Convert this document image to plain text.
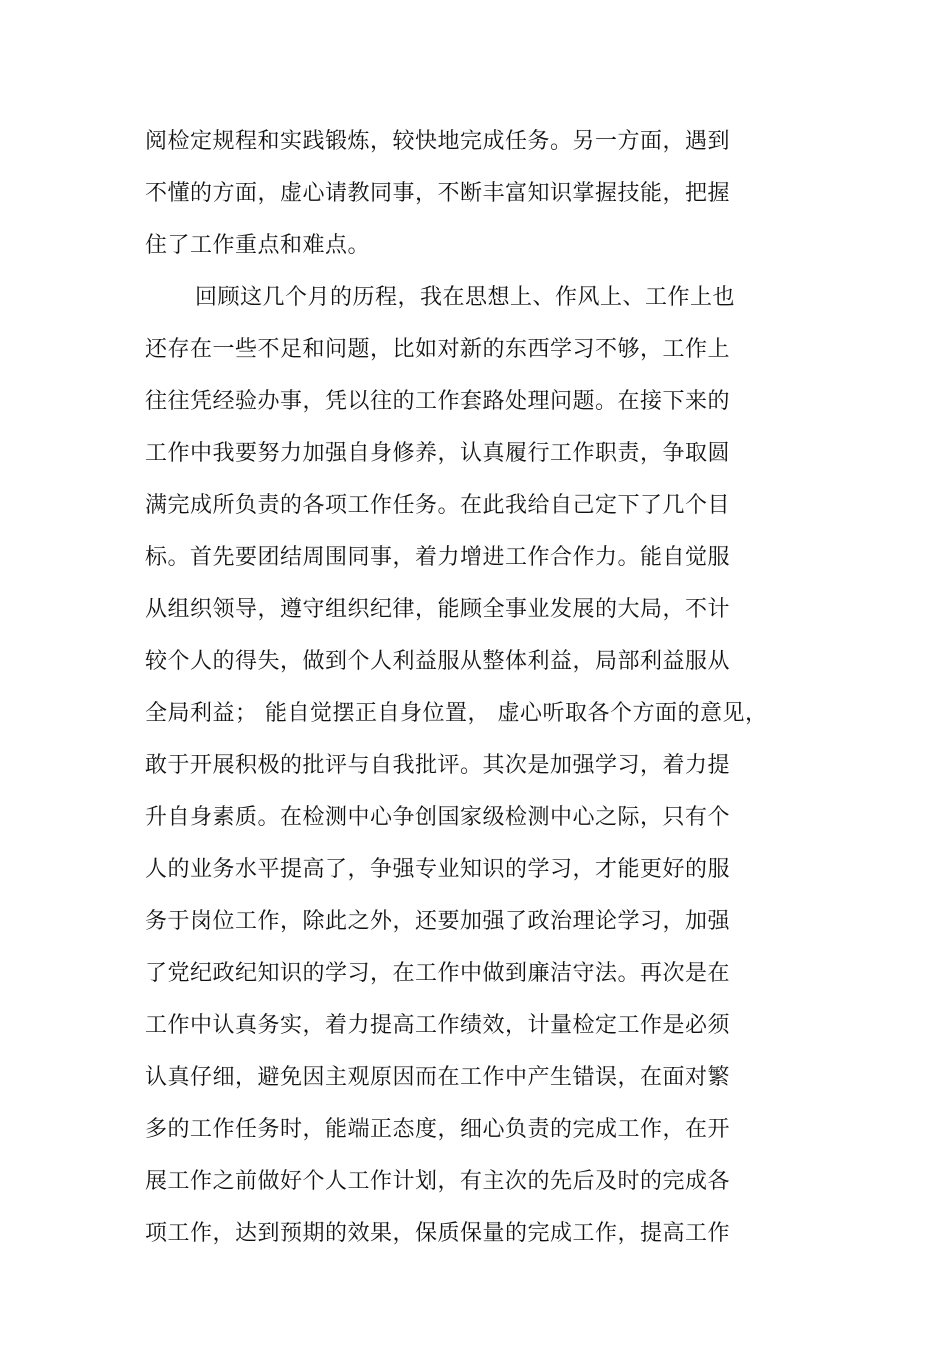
阅检定规程和实践锻炼，较快地完成任务。另一方面，遇到
不懂的方面，虚心请教同事，不断丰富知识掌握技能，把握
住了工作重点和难点。
回顾这几个月的历程，我在思想上、作风上、工作上也
还存在一些不足和问题，比如对新的东西学习不够，工作上
往往凭经验办事，凭以往的工作套路处理问题。在接下来的
工作中我要努力加强自身修养，认真履行工作职责，争取圆
满完成所负责的各项工作任务。在此我给自己定下了几个目
标。首先要团结周围同事，着力增进工作合作力。能自觉服
从组织领导，遵守组织纪律，能顾全事业发展的大局，不计
较个人的得失，做到个人利益服从整体利益，局部利益服从
全局利益； 能自觉摆正自身位置， 虚心听取各个方面的意见，
敢于开展积极的批评与自我批评。其次是加强学习，着力提
升自身素质。在检测中心争创国家级检测中心之际，只有个
人的业务水平提高了，争强专业知识的学习，才能更好的服
务于岗位工作，除此之外，还要加强了政治理论学习，加强
了党纪政纪知识的学习，在工作中做到廉洁守法。再次是在
工作中认真务实，着力提高工作绩效，计量检定工作是必须
认真仔细，避免因主观原因而在工作中产生错误，在面对繁
多的工作任务时，能端正态度，细心负责的完成工作，在开
展工作之前做好个人工作计划，有主次的先后及时的完成各
项工作，达到预期的效果，保质保量的完成工作，提高工作
